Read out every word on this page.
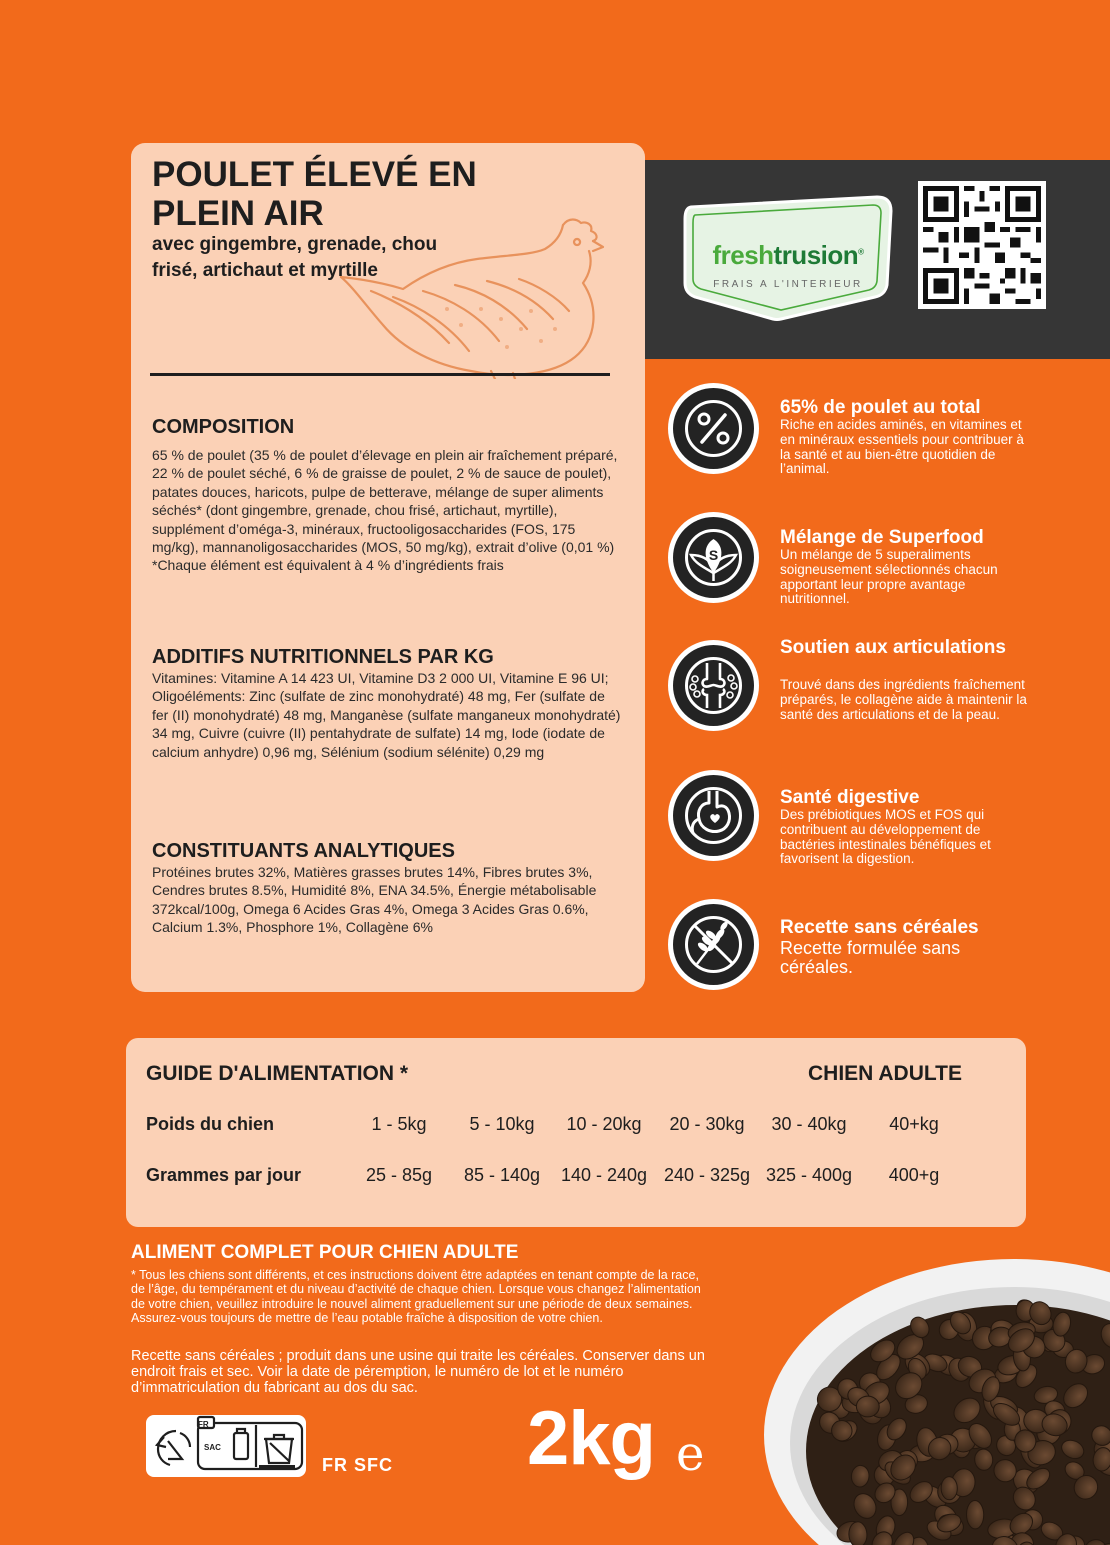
POULET ÉLEVÉ EN
PLEIN AIR
avec gingembre, grenade, chou frisé, artichaut et myrtille
COMPOSITION
65 % de poulet (35 % de poulet d’élevage en plein air fraîchement préparé, 22 % de poulet séché, 6 % de graisse de poulet, 2 % de sauce de poulet), patates douces, haricots, pulpe de betterave, mélange de super aliments séchés* (dont gingembre, grenade, chou frisé, artichaut, myrtille), supplément d’oméga-3, minéraux, fructooligosaccharides (FOS, 175 mg/kg), mannanoligosaccharides (MOS, 50 mg/kg), extrait d’olive (0,01 %)
*Chaque élément est équivalent à 4 % d’ingrédients frais
ADDITIFS NUTRITIONNELS PAR KG
Vitamines: Vitamine A 14 423 UI, Vitamine D3 2 000 UI, Vitamine E 96 UI; Oligoéléments: Zinc (sulfate de zinc monohydraté) 48 mg, Fer (sulfate de fer (II) monohydraté) 48 mg, Manganèse (sulfate manganeux monohydraté) 34 mg, Cuivre (cuivre (II) pentahydrate de sulfate) 14 mg, Iode (iodate de calcium anhydre) 0,96 mg, Sélénium (sodium sélénite) 0,29 mg
CONSTITUANTS ANALYTIQUES
Protéines brutes 32%, Matières grasses brutes 14%, Fibres brutes 3%, Cendres brutes 8.5%, Humidité 8%, ENA 34.5%, Énergie métabolisable 372kcal/100g, Omega 6 Acides Gras 4%, Omega 3 Acides Gras 0.6%, Calcium 1.3%, Phosphore 1%, Collagène 6%
freshtrusion®
FRAIS A L'INTERIEUR
65% de poulet au total
Riche en acides aminés, en vitamines et en minéraux essentiels pour contribuer à la santé et au bien-être quotidien de l’animal.
S
Mélange de Superfood
Un mélange de 5 superaliments soigneusement sélectionnés chacun apportant leur propre avantage nutritionnel.
Soutien aux articulations
Trouvé dans des ingrédients fraîchement préparés, le collagène aide à maintenir la santé des articulations et de la peau.
Santé digestive
Des prébiotiques MOS et FOS qui contribuent au développement de bactéries intestinales bénéfiques et favorisent la digestion.
Recette sans céréales
Recette formulée sans céréales.
GUIDE D'ALIMENTATION *	CHIEN ADULTE
Poids du chien	1 - 5kg	5 - 10kg	10 - 20kg	20 - 30kg	30 - 40kg	40+kg
Grammes par jour	25 - 85g	85 - 140g	140 - 240g 240 - 325g 325 - 400g	400+g
ALIMENT COMPLET POUR CHIEN ADULTE
* Tous les chiens sont différents, et ces instructions doivent être adaptées en tenant compte de la race, de l’âge, du tempérament et du niveau d’activité de chaque chien. Lorsque vous changez l’alimentation de votre chien, veuillez introduire le nouvel aliment graduellement sur une période de deux semaines. Assurez-vous toujours de mettre de l’eau potable fraîche à disposition de votre chien.
Recette sans céréales ; produit dans une usine qui traite les céréales. Conserver dans un endroit frais et sec. Voir la date de péremption, le numéro de lot et le numéro d’immatriculation du fabricant au dos du sac.
FR
SAC
FR SFC 2kg e
